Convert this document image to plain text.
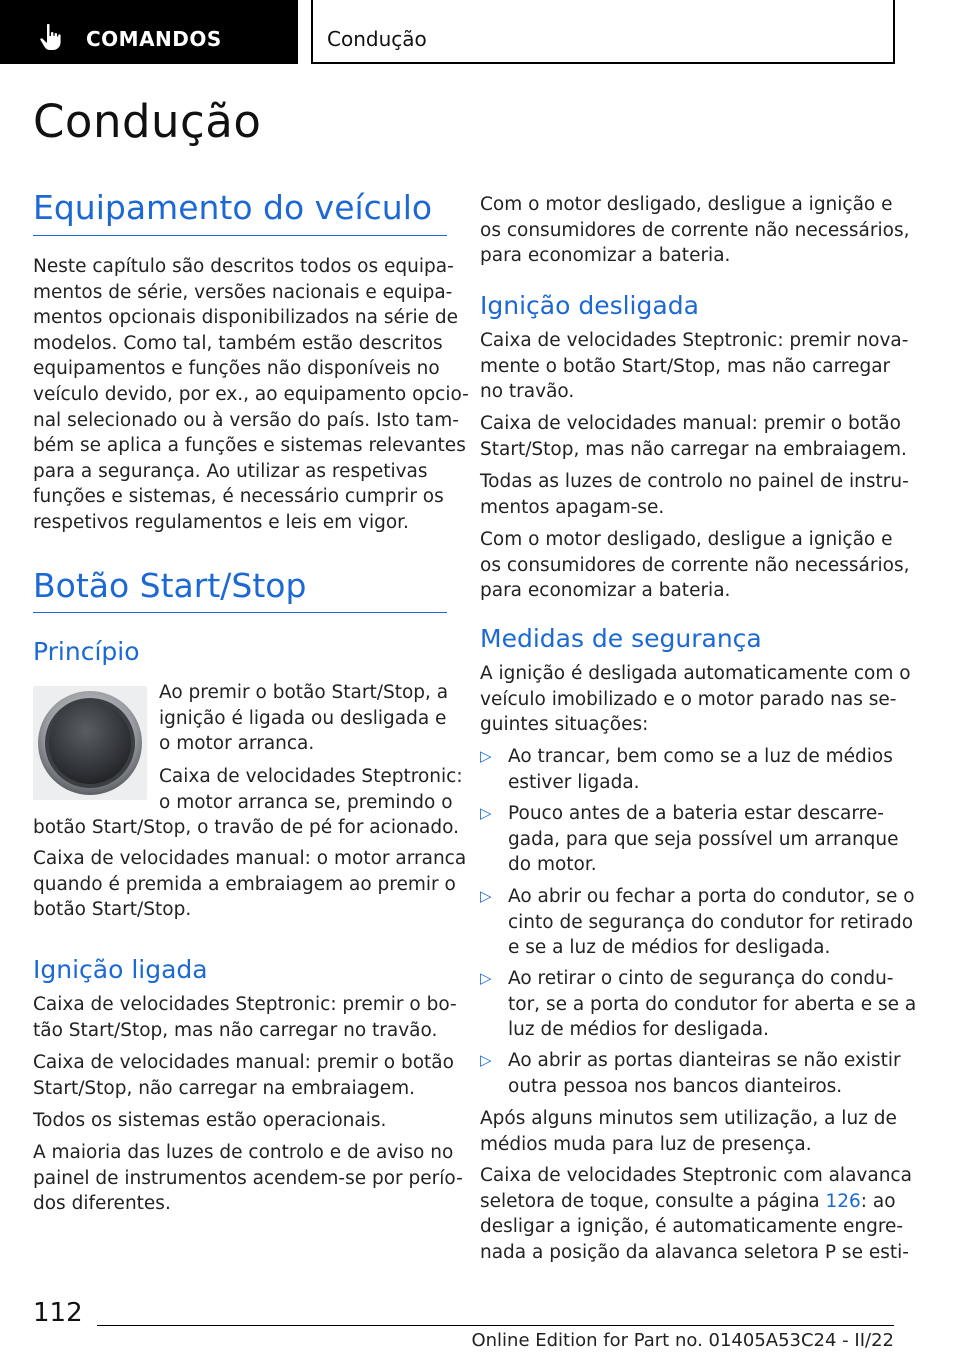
COMANDOS	Condução
Condução
Equipamento do veículo
Neste capítulo são descritos todos os equipa-
mentos de série, versões nacionais e equipa-
mentos opcionais disponibilizados na série de
modelos. Como tal, também estão descritos
equipamentos e funções não disponíveis no
veículo devido, por ex., ao equipamento opcio-
nal selecionado ou à versão do país. Isto tam-
bém se aplica a funções e sistemas relevantes
para a segurança. Ao utilizar as respetivas
funções e sistemas, é necessário cumprir os
respetivos regulamentos e leis em vigor.
Botão Start/Stop
Princípio
Ao premir o botão Start/Stop, a
ignição é ligada ou desligada e
o motor arranca.
Caixa de velocidades Steptronic:
o motor arranca se, premindo o
botão Start/Stop, o travão de pé for acionado.
Caixa de velocidades manual: o motor arranca
quando é premida a embraiagem ao premir o
botão Start/Stop.
Ignição ligada
Caixa de velocidades Steptronic: premir o bo-
tão Start/Stop, mas não carregar no travão.
Caixa de velocidades manual: premir o botão
Start/Stop, não carregar na embraiagem.
Todos os sistemas estão operacionais.
A maioria das luzes de controlo e de aviso no
painel de instrumentos acendem-se por perío-
dos diferentes.
Com o motor desligado, desligue a ignição e
os consumidores de corrente não necessários,
para economizar a bateria.
Ignição desligada
Caixa de velocidades Steptronic: premir nova-
mente o botão Start/Stop, mas não carregar
no travão.
Caixa de velocidades manual: premir o botão
Start/Stop, mas não carregar na embraiagem.
Todas as luzes de controlo no painel de instru-
mentos apagam-se.
Com o motor desligado, desligue a ignição e
os consumidores de corrente não necessários,
para economizar a bateria.
Medidas de segurança
A ignição é desligada automaticamente com o
veículo imobilizado e o motor parado nas se-
guintes situações:
▷ Ao trancar, bem como se a luz de médios
estiver ligada.
▷ Pouco antes de a bateria estar descarre-
gada, para que seja possível um arranque
do motor.
▷ Ao abrir ou fechar a porta do condutor, se o
cinto de segurança do condutor for retirado
e se a luz de médios for desligada.
▷ Ao retirar o cinto de segurança do condu-
tor, se a porta do condutor for aberta e se a
luz de médios for desligada.
▷ Ao abrir as portas dianteiras se não existir
outra pessoa nos bancos dianteiros.
Após alguns minutos sem utilização, a luz de
médios muda para luz de presença.
Caixa de velocidades Steptronic com alavanca
seletora de toque, consulte a página 126: ao
desligar a ignição, é automaticamente engre-
nada a posição da alavanca seletora P se esti-
112
Online Edition for Part no. 01405A53C24 - II/22
